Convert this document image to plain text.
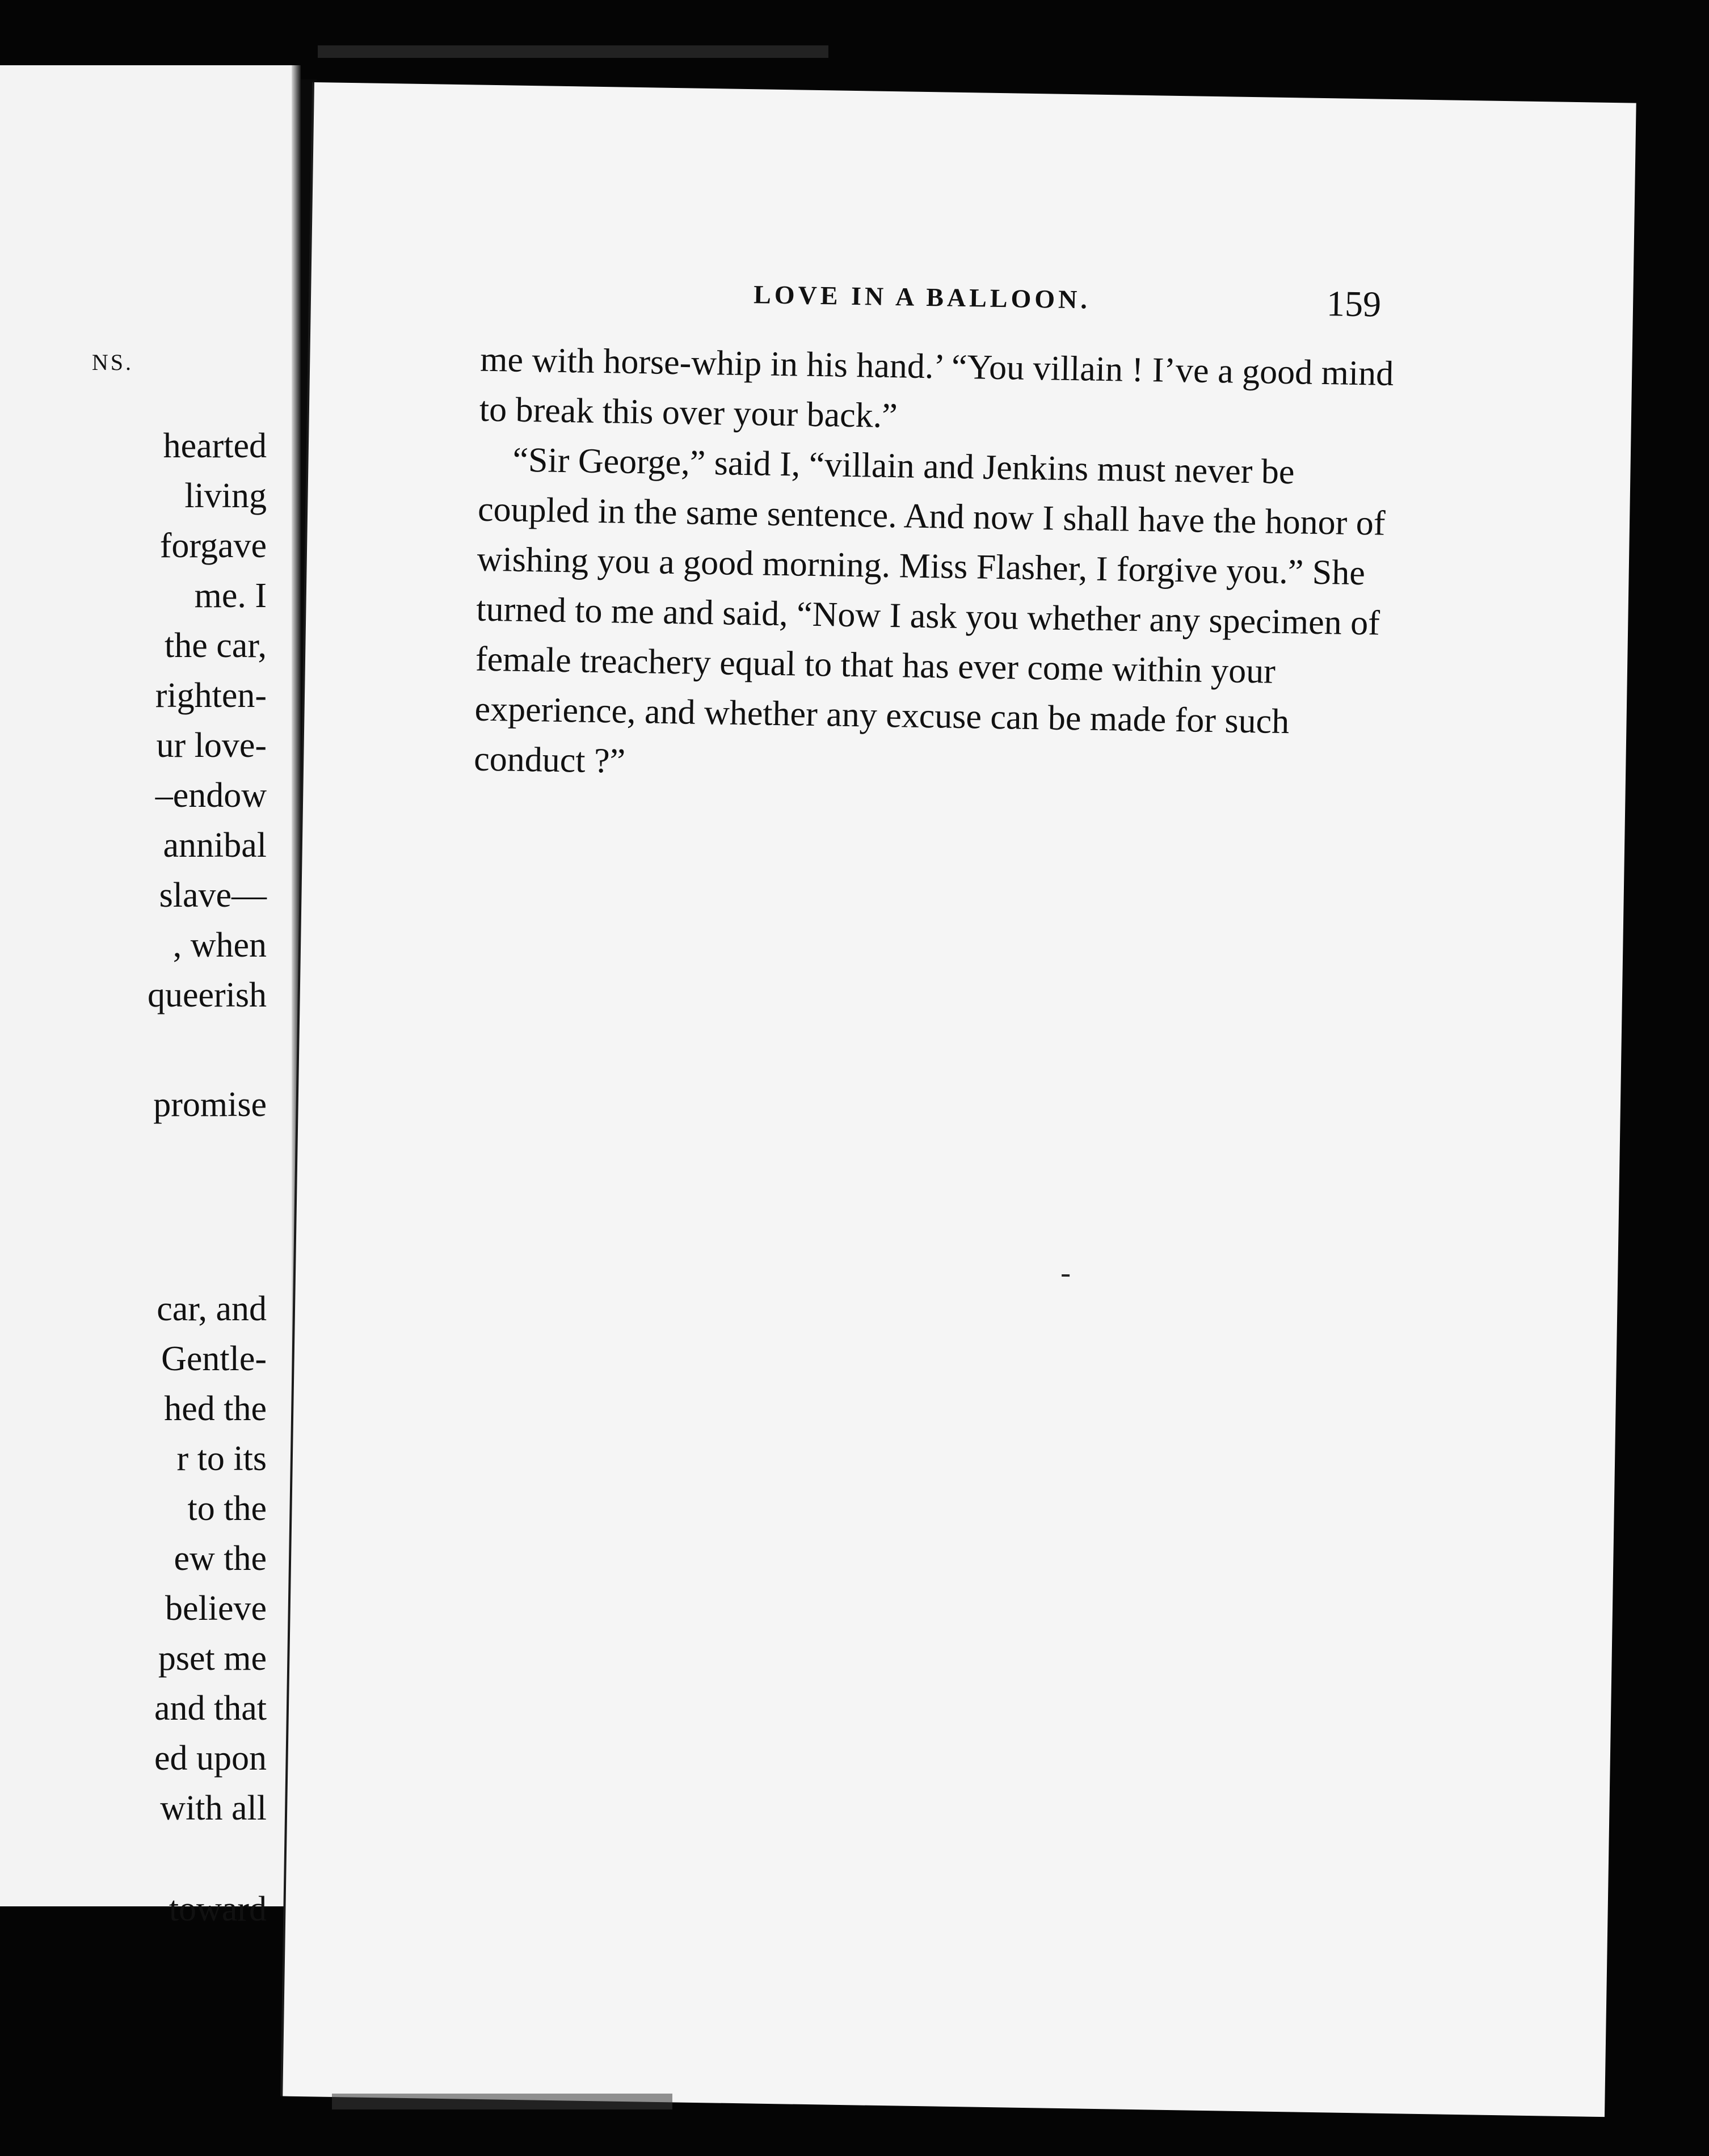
NS.
hearted
living
forgave
me. I
the car,
righten-
ur love-
–endow
annibal
slave—
, when
queerish
promise
car, and
Gentle-
hed the
r to its
to the
ew the
believe
pset me
and that
ed upon
with all
toward
LOVE IN A BALLOON.	159

me with horse-whip in his hand.’ “You villain ! I’ve a good mind to break this over your back.”

“Sir George,” said I, “villain and Jenkins must never be coupled in the same sentence. And now I shall have the honor of wishing you a good morning. Miss Flasher, I forgive you.” She turned to me and said, “Now I ask you whether any specimen of female treachery equal to that has ever come within your experience, and whether any excuse can be made for such conduct ?”
